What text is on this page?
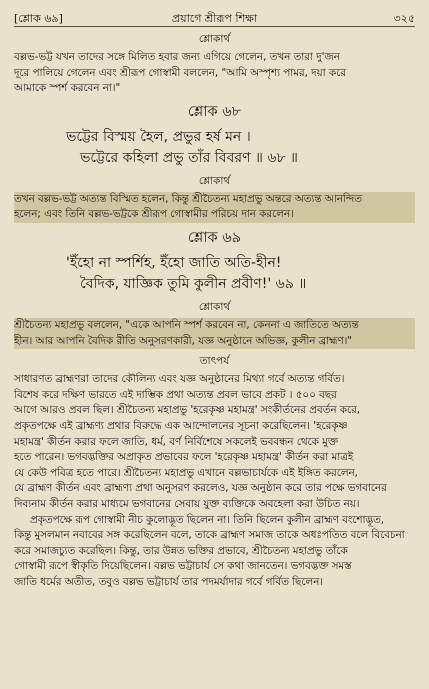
[শ্লোক ৬৯]	প্রয়াগে শ্রীরূপ শিক্ষা	৩২৫
শ্লোকার্থ
বল্লভ-ভট্ট যখন তাদের সঙ্গে মিলিত হবার জন্য এগিয়ে গেলেন, তখন তারা দু'জন
দূরে পালিয়ে গেলেন এবং শ্রীরূপ গোস্বামী বললেন, "আমি অস্পৃশ্য পামর, দয়া করে
আমাকে স্পর্শ করবেন না।"
শ্লোক ৬৮
ভট্টের বিস্ময় হৈল, প্রভুর হর্ষ মন ।
ভট্টেরে কহিলা প্রভু তাঁর বিবরণ ॥ ৬৮ ॥
শ্লোকার্থ
তখন বল্লভ-ভট্ট অত্যন্ত বিস্মিত হলেন, কিন্তু শ্রীচৈতন্য মহাপ্রভু অন্তরে অত্যন্ত আনন্দিত
হলেন; এবং তিনি বল্লভ-ভট্টকে শ্রীরূপ গোস্বামীর পরিচয় দান করলেন।
শ্লোক ৬৯
'ইঁহো না স্পর্শিহ, ইঁহো জাতি অতি-হীন!
বৈদিক, যাজ্ঞিক তুমি কুলীন প্রবীণ!' ৬৯ ॥
শ্লোকার্থ
শ্রীচৈতন্য মহাপ্রভু বললেন, "একে আপনি স্পর্শ করবেন না, কেননা এ জাতিতে অত্যন্ত
হীন। আর আপনি বৈদিক রীতি অনুসরণকারী, যজ্ঞ অনুষ্ঠানে অভিজ্ঞ, কুলীন ব্রাহ্মণ।"
তাৎপর্য
সাধারণত ব্রাহ্মণরা তাদের কৌলিন্য এবং যজ্ঞ অনুষ্ঠানের মিথ্যা গর্বে অত্যন্ত গর্বিত।
বিশেষ করে দক্ষিণ ভারতে এই দাম্ভিক প্রথা অত্যন্ত প্রবল ভাবে প্রকট । ৫০০ বছর
আগে আরও প্রবল ছিল। শ্রীচৈতন্য মহাপ্রভু 'হরেকৃষ্ণ মহামন্ত্র' সংকীর্তনের প্রবর্তন করে,
প্রকৃতপক্ষে এই ব্রাহ্মণ্য প্রথার বিরুদ্ধে এক আন্দোলনের সূচনা করেছিলেন। 'হরেকৃষ্ণ
মহামন্ত্র' কীর্তন করার ফলে জাতি, ধর্ম, বর্ণ নির্বিশেষে সকলেই ভববন্ধন থেকে মুক্ত
হতে পারেন। ভগবদ্ভক্তির অপ্রাকৃত প্রভাবের ফলে 'হরেকৃষ্ণ মহামন্ত্র' কীর্তন করা মাত্রই
যে কেউ পবিত্র হতে পারে। শ্রীচৈতন্য মহাপ্রভু এখানে বল্লভাচার্যকে এই ইঙ্গিত করলেন,
যে ব্রাহ্মণ কীর্তন এবং ব্রাহ্মণ্য প্রথা অনুসরণ করলেও, যজ্ঞ অনুষ্ঠান করে তার পক্ষে ভগবানের
দিব্যনাম কীর্তন করার মাধ্যমে ভগবানের সেবায় যুক্ত ব্যক্তিকে অবহেলা করা উচিত নয়।
প্রকৃতপক্ষে রূপ গোস্বামী নীচ কুলোদ্ভূত ছিলেন না। তিনি ছিলেন কুলীন ব্রাহ্মণ বংশোদ্ভূত,
কিন্তু মুসলমান নবাবের সঙ্গ করেছিলেন বলে, তাকে ব্রাহ্মণ সমাজ তাকে অধঃপতিত বলে বিবেচনা
করে সমাজচ্যুত করেছিল। কিন্তু, তার উন্নত ভক্তির প্রভাবে, শ্রীচৈতন্য মহাপ্রভু তাঁকে
গোস্বামী রূপে স্বীকৃতি দিয়েছিলেন। বল্লভ ভট্টাচার্য সে কথা জানতেন। ভগবদ্ভক্ত সমস্ত
জাতি ধর্মের অতীত, তবুও বল্লভ ভট্টাচার্য তার পদমর্যাদার গর্বে গর্বিত ছিলেন।
